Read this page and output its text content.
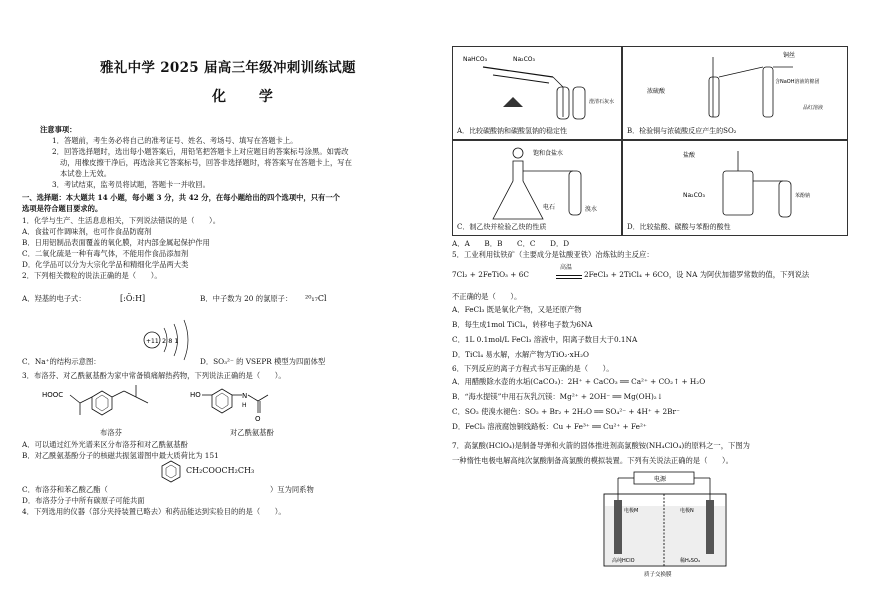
雅礼中学 2025 届高三年级冲刺训练试题
化 学
注意事项：
1．答题前，考生务必将自己的准考证号、姓名、考场号、填写在答题卡上。
2．回答选择题时，选出每小题答案后，用铅笔把答题卡上对应题目的答案标号涂黑。如需改
动，用橡皮擦干净后，再选涂其它答案标号，回答非选择题时，将答案写在答题卡上，写在
本试卷上无效。
3．考试结束，监考员将试题，答题卡一并收回。
一、选择题：本大题共 14 小题，每小题 3 分，共 42 分，在每小题给出的四个选项中，只有一个
选项是符合题目要求的。
1．化学与生产、生活息息相关，下列说法错误的是（　　）。
A．食盐可作调味剂，也可作食品防腐剂
B．日用铝制品表面覆盖的氧化膜，对内部金属起保护作用
C．二氧化硫是一种有毒气体，不能用作食品添加剂
D．化学品可以分为大宗化学品和精细化学品两大类
2．下列相关微粒的说法正确的是（　　）。
A．羟基的电子式：	[:Ö:H]	B．中子数为 20 的氯原子： ²⁰₁₇Cl
+11 2 8 1
C．Na⁺的结构示意图：	D．SO₃²⁻ 的 VSEPR 模型为四面体型
3．布洛芬、对乙酰氨基酚为家中常备镇痛解热药物，下列说法正确的是（　　）。
HOOC	HO	N
H
O
布洛芬	对乙酰氨基酚
A．可以通过红外光谱来区分布洛芬和对乙酰氨基酚
B．对乙酰氨基酚分子的核磁共振氢谱图中最大质荷比为 151
CH₂COOCH₂CH₃
C．布洛芬和苯乙酸乙酯（	）互为同系物
D．布洛芬分子中所有碳原子可能共面
4．下列选用的仪器（部分夹持装置已略去）和药品能达到实验目的的是（　　）。
NaHCO₃	Na₂CO₃
澄清石灰水
A．比较碳酸钠和碳酸氢钠的稳定性
铜丝
浓硫酸
含NaOH溶液的棉团
品红溶液
B．检验铜与浓硫酸反应产生的SO₂
饱和食盐水
电石	溴水
C．制乙炔并检验乙炔的性质
盐酸
Na₂CO₃	苯酚钠
D．比较盐酸、碳酸与苯酚的酸性
A．A　　B．B　　C．C　　D．D
5．工业利用钛铁矿（主要成分是钛酸亚铁）冶炼钛的主反应：
高温
7Cl₂ + 2FeTiO₃ + 6C	2FeCl₃ + 2TiCl₄ + 6CO，设 NA 为阿伏加德罗常数的值，下列说法
不正确的是（　　）。
A．FeCl₃ 既是氧化产物，又是还原产物
B．每生成1mol TiCl₄，转移电子数为6NA
C．1L 0.1mol/L FeCl₃ 溶液中，阳离子数目大于0.1NA
D．TiCl₄ 易水解，水解产物为TiO₂·xH₂O
6．下列反应的离子方程式书写正确的是（　　）。
A．用醋酸除水壶的水垢(CaCO₃)：2H⁺ + CaCO₃ ══ Ca²⁺ + CO₂↑ + H₂O
B．“海水提镁”中用石灰乳沉镁：Mg²⁺ + 2OH⁻ ══ Mg(OH)₂↓
C．SO₂ 使溴水褪色：SO₂ + Br₂ + 2H₂O ══ SO₄²⁻ + 4H⁺ + 2Br⁻
D．FeCl₃ 溶液腐蚀铜线路板：Cu + Fe³⁺ ══ Cu²⁺ + Fe²⁺
7．高氯酸(HClO₄)是制备导弹和火箭的固体推进剂高氯酸铵(NH₄ClO₄)的原料之一，下图为
一种惰性电极电解高纯次氯酸制备高氯酸的模拟装置。下列有关说法正确的是（　　）。
电源
电极M	电极N
高纯HClO	稀H₂SO₄
质子交换膜
